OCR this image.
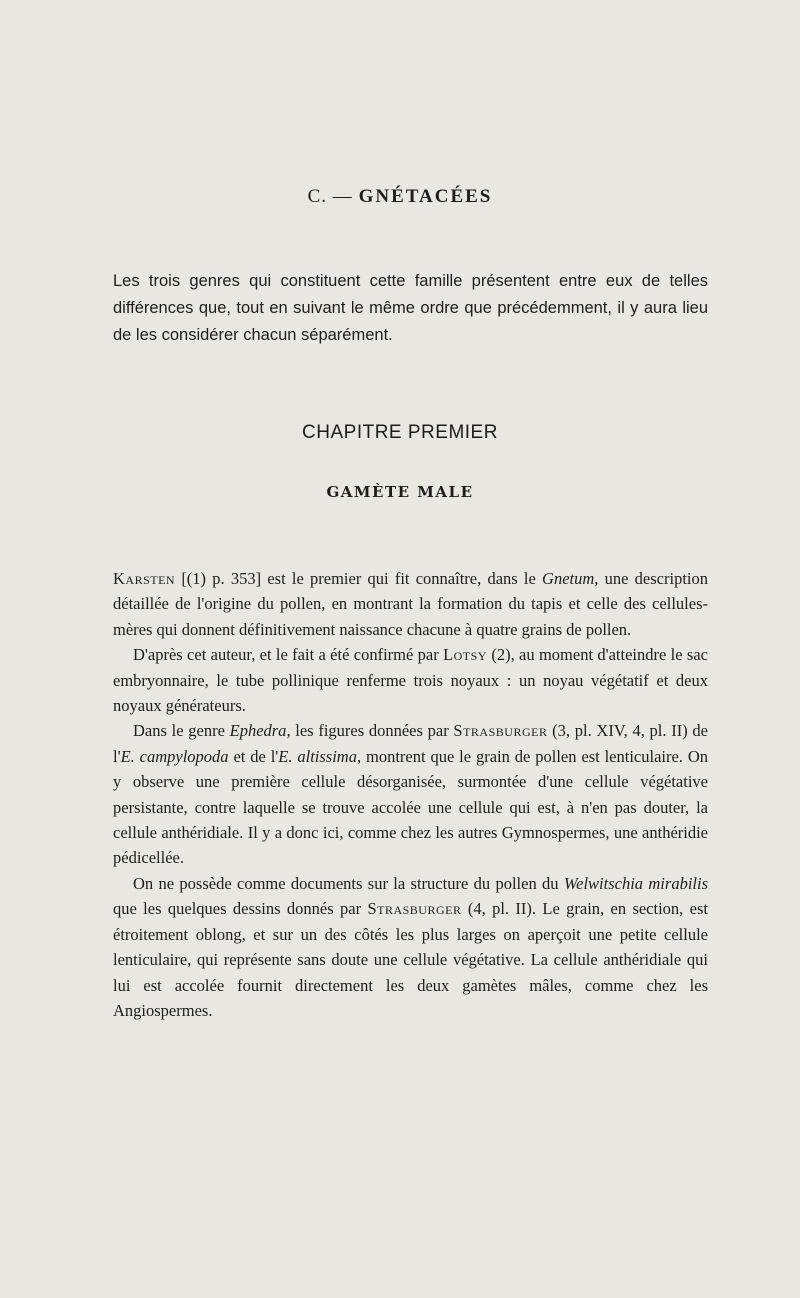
C. — GNÉTACÉES
Les trois genres qui constituent cette famille présentent entre eux de telles différences que, tout en suivant le même ordre que précédemment, il y aura lieu de les considérer chacun séparément.
CHAPITRE PREMIER
GAMÈTE MALE

Karsten [(1) p. 353] est le premier qui fit connaître, dans le Gnetum, une description détaillée de l'origine du pollen, en montrant la formation du tapis et celle des cellules-mères qui donnent définitivement naissance chacune à quatre grains de pollen.

D'après cet auteur, et le fait a été confirmé par Lotsy (2), au moment d'atteindre le sac embryonnaire, le tube pollinique renferme trois noyaux : un noyau végétatif et deux noyaux générateurs.

Dans le genre Ephedra, les figures données par Strasburger (3, pl. XIV, 4, pl. II) de l'E. campylopoda et de l'E. altissima, montrent que le grain de pollen est lenticulaire. On y observe une première cellule désorganisée, surmontée d'une cellule végétative persistante, contre laquelle se trouve accolée une cellule qui est, à n'en pas douter, la cellule anthéridiale. Il y a donc ici, comme chez les autres Gymnospermes, une anthéridie pédicellée.

On ne possède comme documents sur la structure du pollen du Welwitschia mirabilis que les quelques dessins donnés par Strasburger (4, pl. II). Le grain, en section, est étroitement oblong, et sur un des côtés les plus larges on aperçoit une petite cellule lenticulaire, qui représente sans doute une cellule végétative. La cellule anthéridiale qui lui est accolée fournit directement les deux gamètes mâles, comme chez les Angiospermes.
